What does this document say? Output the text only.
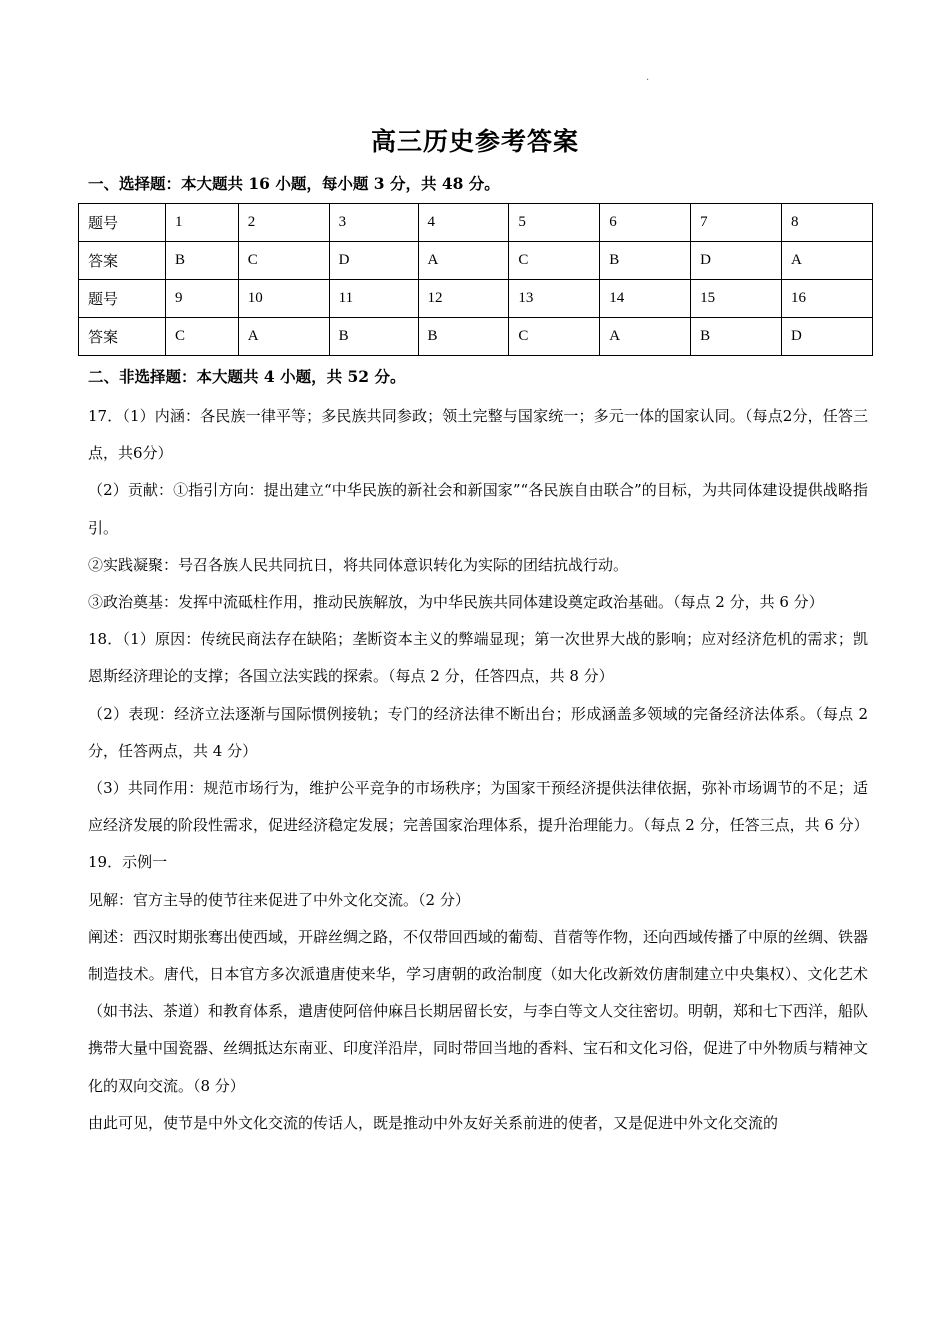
.
高三历史参考答案
一、选择题：本大题共 16 小题，每小题 3 分，共 48 分。
题号	1	2	3	4	5	6	7	8
答案	B	C	D	A	C	B	D	A
题号	9	10	11	12	13	14	15	16
答案	C	A	B	B	C	A	B	D
二、非选择题：本大题共 4 小题，共 52 分。

17．（1）内涵：各民族一律平等；多民族共同参政；领土完整与国家统一；多元一体的国家认同。（每点2分，任答三点，共6分）

（2）贡献：①指引方向：提出建立“中华民族的新社会和新国家”“各民族自由联合”的目标，为共同体建设提供战略指引。

②实践凝聚：号召各族人民共同抗日，将共同体意识转化为实际的团结抗战行动。

③政治奠基：发挥中流砥柱作用，推动民族解放，为中华民族共同体建设奠定政治基础。（每点 2 分，共 6 分）

18．（1）原因：传统民商法存在缺陷；垄断资本主义的弊端显现；第一次世界大战的影响；应对经济危机的需求；凯恩斯经济理论的支撑；各国立法实践的探索。（每点 2 分，任答四点，共 8 分）

（2）表现：经济立法逐渐与国际惯例接轨；专门的经济法律不断出台；形成涵盖多领域的完备经济法体系。（每点 2 分，任答两点，共 4 分）

（3）共同作用：规范市场行为，维护公平竞争的市场秩序；为国家干预经济提供法律依据，弥补市场调节的不足；适应经济发展的阶段性需求，促进经济稳定发展；完善国家治理体系，提升治理能力。（每点 2 分，任答三点，共 6 分）

19．示例一

见解：官方主导的使节往来促进了中外文化交流。（2 分）

阐述：西汉时期张骞出使西域，开辟丝绸之路，不仅带回西域的葡萄、苜蓿等作物，还向西域传播了中原的丝绸、铁器制造技术。唐代，日本官方多次派遣唐使来华，学习唐朝的政治制度（如大化改新效仿唐制建立中央集权）、文化艺术（如书法、茶道）和教育体系，遣唐使阿倍仲麻吕长期居留长安，与李白等文人交往密切。明朝，郑和七下西洋，船队携带大量中国瓷器、丝绸抵达东南亚、印度洋沿岸，同时带回当地的香料、宝石和文化习俗，促进了中外物质与精神文化的双向交流。（8 分）

由此可见，使节是中外文化交流的传话人，既是推动中外友好关系前进的使者，又是促进中外文化交流的
